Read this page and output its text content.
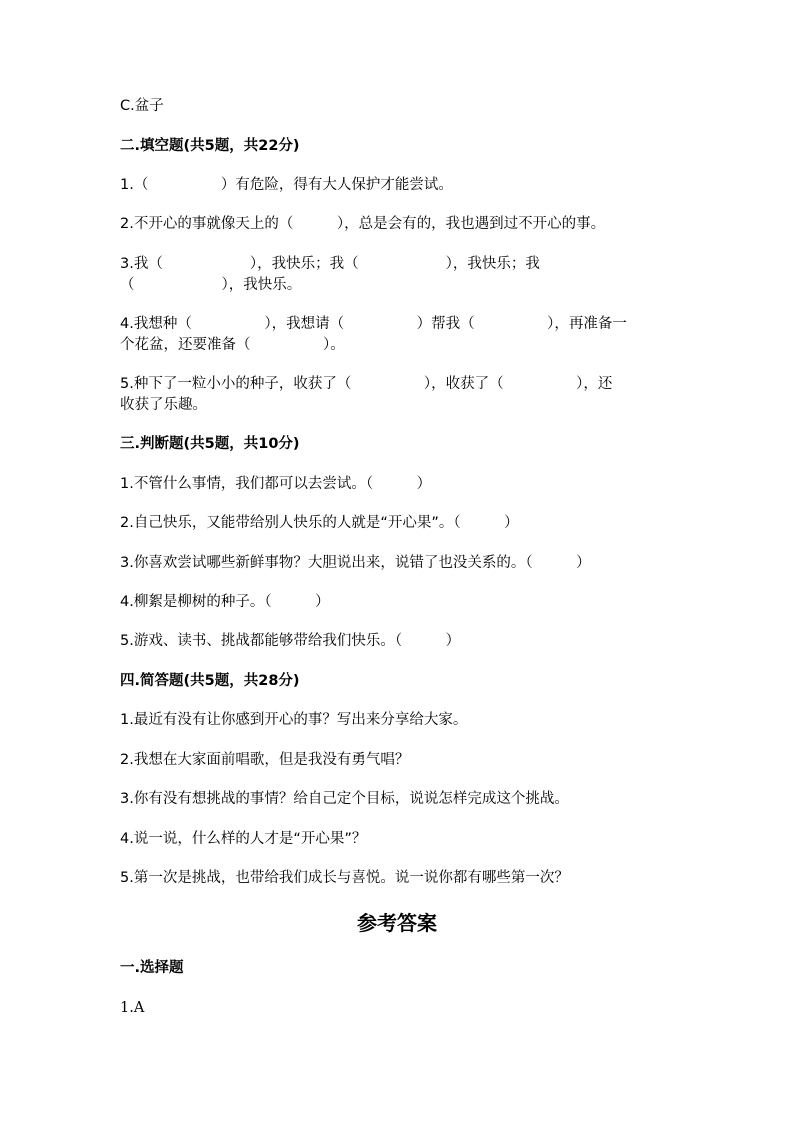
C.盆子
二.填空题(共5题，共22分)
1.（　　　　　）有危险，得有大人保护才能尝试。
2.不开心的事就像天上的（　　　），总是会有的，我也遇到过不开心的事。
3.我（　　　　　　），我快乐；我（　　　　　　），我快乐；我
（　　　　　　），我快乐。
4.我想种（　　　　　），我想请（　　　　　）帮我（　　　　　），再准备一
个花盆，还要准备（　　　　　）。
5.种下了一粒小小的种子，收获了（　　　　　），收获了（　　　　　），还
收获了乐趣。
三.判断题(共5题，共10分)
1.不管什么事情，我们都可以去尝试。（　　　）
2.自己快乐，又能带给别人快乐的人就是“开心果”。（　　　）
3.你喜欢尝试哪些新鲜事物？大胆说出来，说错了也没关系的。（　　　）
4.柳絮是柳树的种子。（　　　）
5.游戏、读书、挑战都能够带给我们快乐。（　　　）
四.简答题(共5题，共28分)
1.最近有没有让你感到开心的事？写出来分享给大家。
2.我想在大家面前唱歌，但是我没有勇气唱？
3.你有没有想挑战的事情？给自己定个目标，说说怎样完成这个挑战。
4.说一说，什么样的人才是“开心果”？
5.第一次是挑战，也带给我们成长与喜悦。说一说你都有哪些第一次？
参考答案
一.选择题
1.A
